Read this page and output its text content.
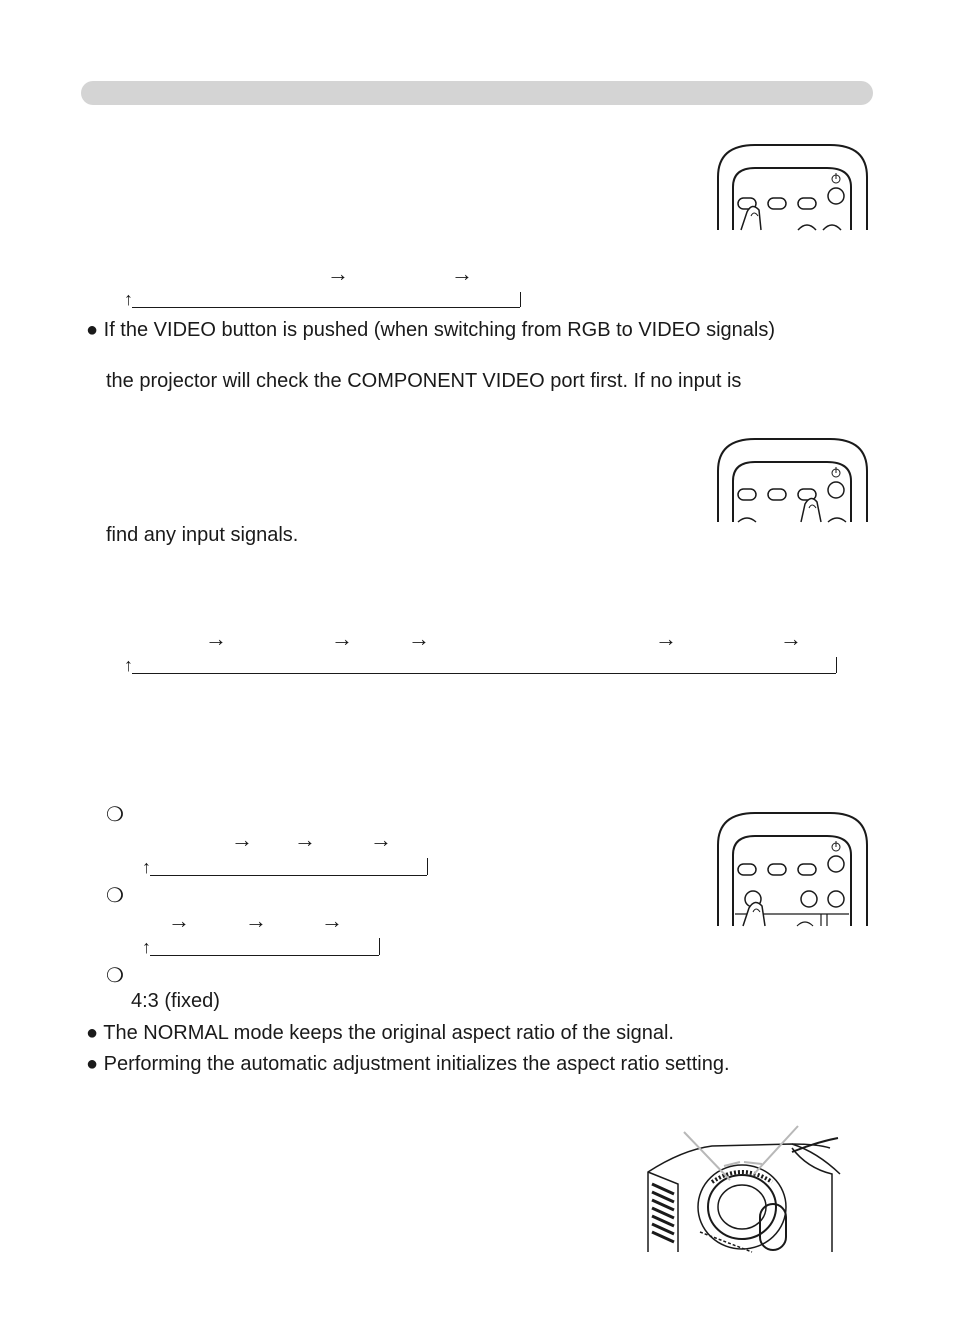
→	→
↑
● If the VIDEO button is pushed (when switching from RGB to VIDEO signals)
the projector will check the COMPONENT VIDEO port first. If no input is
find any input signals.
→	→	→	→	→
↑
❍
→ → →
↑
❍
→	→ →
↑
❍
4:3 (fixed)
● The NORMAL mode keeps the original aspect ratio of the signal.
● Performing the automatic adjustment initializes the aspect ratio setting.
